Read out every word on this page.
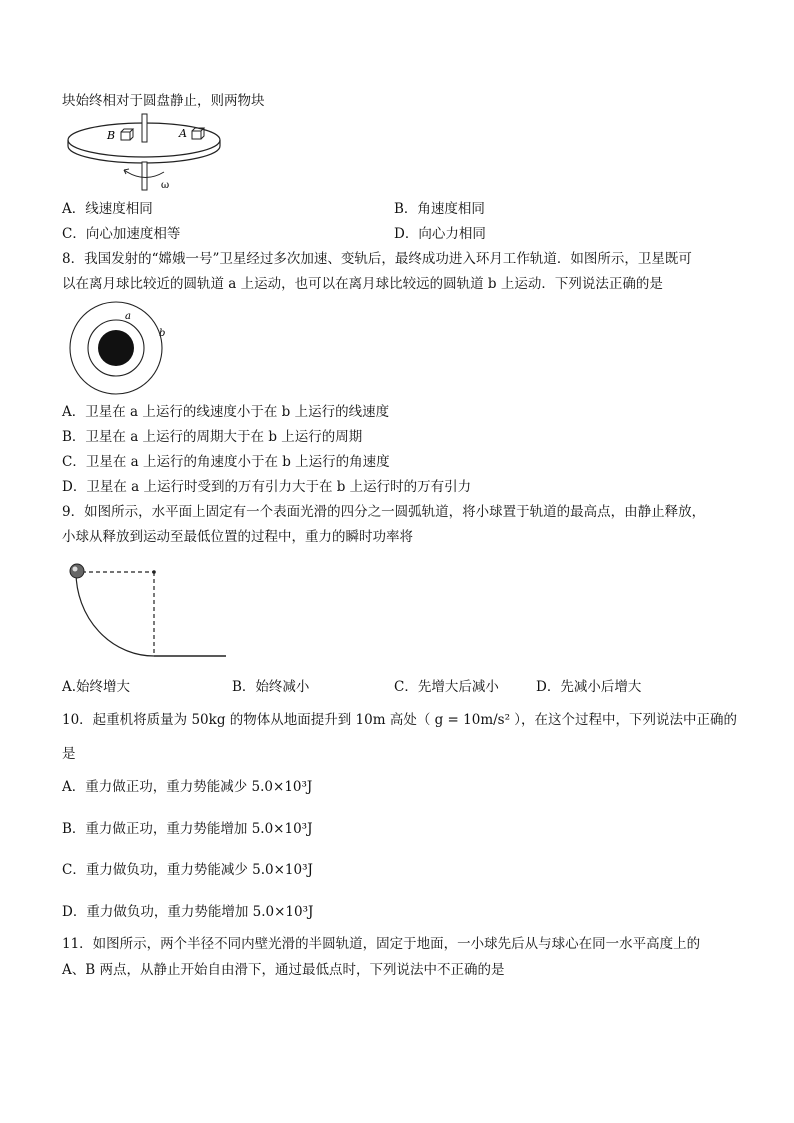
块始终相对于圆盘静止，则两物块
B	A
ω
A．线速度相同	B．角速度相同
C．向心加速度相等	D．向心力相同
8．我国发射的“嫦娥一号”卫星经过多次加速、变轨后，最终成功进入环月工作轨道．如图所示，卫星既可
以在离月球比较近的圆轨道 a 上运动，也可以在离月球比较远的圆轨道 b 上运动．下列说法正确的是
a
b
A．卫星在 a 上运行的线速度小于在 b 上运行的线速度
B．卫星在 a 上运行的周期大于在 b 上运行的周期
C．卫星在 a 上运行的角速度小于在 b 上运行的角速度
D．卫星在 a 上运行时受到的万有引力大于在 b 上运行时的万有引力
9．如图所示，水平面上固定有一个表面光滑的四分之一圆弧轨道，将小球置于轨道的最高点，由静止释放，
小球从释放到运动至最低位置的过程中，重力的瞬时功率将
A.始终增大	B．始终减小	C．先增大后减小	D．先减小后增大
10．起重机将质量为 50kg 的物体从地面提升到 10m 高处（ g = 10m/s² ），在这个过程中，下列说法中正确的
是
A．重力做正功，重力势能减少 5.0×10³J
B．重力做正功，重力势能增加 5.0×10³J
C．重力做负功，重力势能减少 5.0×10³J
D．重力做负功，重力势能增加 5.0×10³J
11．如图所示，两个半径不同内壁光滑的半圆轨道，固定于地面，一小球先后从与球心在同一水平高度上的
A、B 两点，从静止开始自由滑下，通过最低点时，下列说法中不正确的是
